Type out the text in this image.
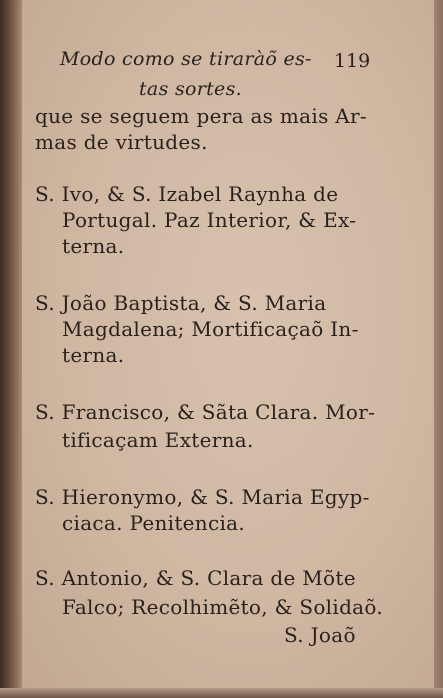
Modo como se tiraràõ es- 119
tas sortes.
que se seguem pera as mais Ar-
mas de virtudes.
S. Ivo, & S. Izabel Raynha de
Portugal. Paz Interior, & Ex-
terna.
S. João Baptista, & S. Maria
Magdalena; Mortificaçaõ In-
terna.
S. Francisco, & Sãta Clara. Mor-
tificaçam Externa.
S. Hieronymo, & S. Maria Egyp-
ciaca. Penitencia.
S. Antonio, & S. Clara de Mõte
Falco; Recolhimẽto, & Solidaõ.
S. Joaõ
